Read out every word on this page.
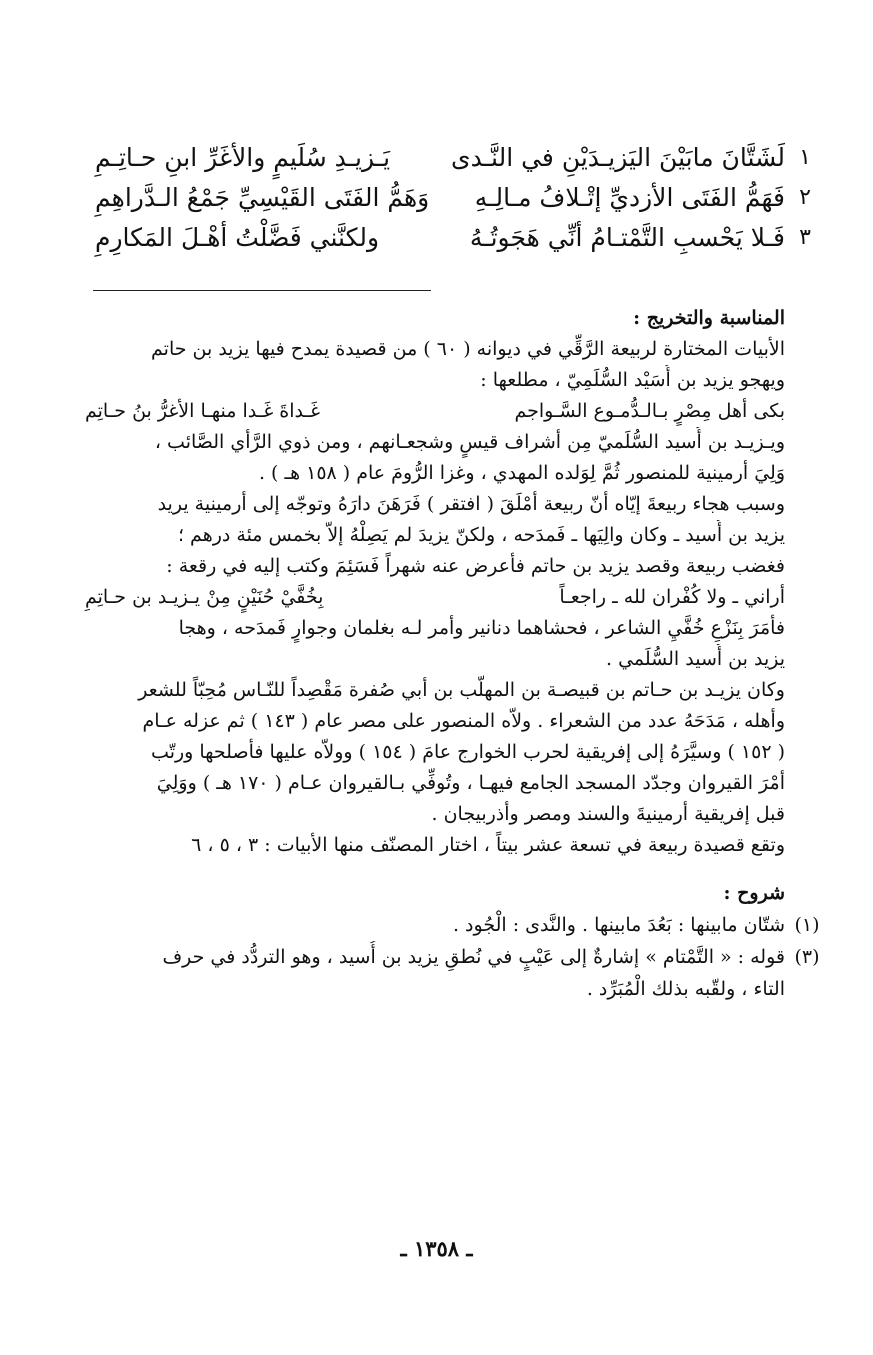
١
لَشَتَّانَ مابَيْنَ اليَزيـدَيْنِ في النَّـدى
يَـزيـدِ سُلَيمٍ والأغَرِّ ابنِ حـاتِـمِ
٢
فَهَمُّ الفَتَى الأزديِّ إتْـلافُ مـالِـهِ
وَهَمُّ الفَتَى القَيْسِيِّ جَمْعُ الـدَّراهِمِ
٣
فَـلا يَحْسبِ التَّمْتـامُ أنِّي هَجَوتُـهُ
ولكنَّني فَضَّلْتُ أهْـلَ المَكارِمِ
المناسبة والتخريج :
الأبيات المختارة لربيعة الرَّقِّي في ديوانه ( ٦٠ ) من قصيدة يمدح فيها يزيد بن حاتم
ويهجو يزيد بن أُسَيْد السُّلَمِيّ ، مطلعها :
بكى أهل مِصْرٍ بـالـدُّمـوع السَّـواجم
غَـداةَ غَـدا منهـا الأغرُّ بنُ حـاتِم
ويـزيـد بن أُسيد السُّلَميّ مِن أشراف قيسٍ وشجعـانهم ، ومن ذوي الرَّأي الصَّائب ،
وَلِيَ أرمينية للمنصور ثُمَّ لِوَلده المهدي ، وغزا الرُّومَ عام ( ١٥٨ هـ ) .
وسبب هجاء ربيعةَ إيّاه أنّ ربيعة أمْلَقَ ( افتقر ) فَرَهَنَ دارَهُ وتوجّه إلى أرمينية يريد
يزيد بن أُسيد ـ وكان والِيَها ـ فَمدَحه ، ولكنّ يزيدَ لم يَصِلْهُ إلاّ بخمس مئة درهم ؛
فغضب ربيعة وقصد يزيد بن حاتم فأعرض عنه شهراً فَسَئِمَ وكتب إليه في رقعة :
أراني ـ ولا كُفْران لله ـ راجعـاً
بِخُفَّيْ حُنَيْنٍ مِنْ يـزيـد بن حـاتِمِ
فأمَرَ بِنَزْعِ خُفَّيِ الشاعر ، فحشاهما دنانير وأمر لـه بغلمان وجوارٍ فَمدَحه ، وهجا
يزيد بن أُسيد السُّلَمي .
وكان يزيـد بن حـاتم بن قبيصـة بن المهلّب بن أبي صُفرة مَقْصِداً للنّـاس مُحِبّاً للشعر
وأهله ، مَدَحَهُ عدد من الشعراء . ولاّه المنصور على مصر عام ( ١٤٣ ) ثم عزله عـام
( ١٥٢ ) وسيَّرَهُ إلى إفريقية لحرب الخوارج عامَ ( ١٥٤ ) وولاّه عليها فأصلحها ورتّب
أمْرَ القيروان وجدّد المسجد الجامع فيهـا ، وتُوفِّي بـالقيروان عـام ( ١٧٠ هـ ) ووَلِيَ
قبل إفريقية أرمينيةَ والسند ومصر وأذربيجان .
وتقع قصيدة ربيعة في تسعة عشر بيتاً ، اختار المصنّف منها الأبيات : ٣ ، ٥ ، ٦
شروح :
(١)
شتّان مابينها : بَعُدَ مابينها . والنَّدى : الْجُود .
(٣)
قوله : « التَّمْتام » إشارةٌ إلى عَيْبٍ في نُطقِ يزيد بن أُسيد ، وهو التردُّد في حرف
التاء ، ولقّبه بذلك الْمُبَرِّد .
ـ ١٣٥٨ ـ
